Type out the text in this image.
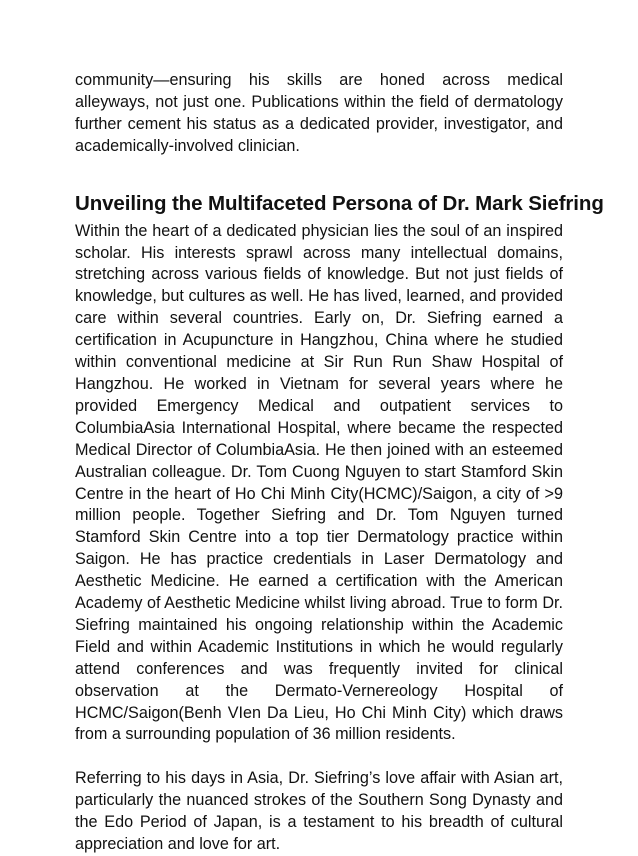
community—ensuring his skills are honed across medical alleyways, not just one. Publications within the field of dermatology further cement his status as a dedicated provider, investigator, and academically-involved clinician.

Unveiling the Multifaceted Persona of Dr. Mark Siefring

Within the heart of a dedicated physician lies the soul of an inspired scholar. His interests sprawl across many intellectual domains, stretching across various fields of knowledge. But not just fields of knowledge, but cultures as well. He has lived, learned, and provided care within several countries. Early on, Dr. Siefring earned a certification in Acupuncture in Hangzhou, China where he studied within conventional medicine at Sir Run Run Shaw Hospital of Hangzhou. He worked in Vietnam for several years where he provided Emergency Medical and outpatient services to ColumbiaAsia International Hospital, where became the respected Medical Director of ColumbiaAsia. He then joined with an esteemed Australian colleague. Dr. Tom Cuong Nguyen to start Stamford Skin Centre in the heart of Ho Chi Minh City(HCMC)/Saigon, a city of >9 million people. Together Siefring and Dr. Tom Nguyen turned Stamford Skin Centre into a top tier Dermatology practice within Saigon. He has practice credentials in Laser Dermatology and Aesthetic Medicine. He earned a certification with the American Academy of Aesthetic Medicine whilst living abroad. True to form Dr. Siefring maintained his ongoing relationship within the Academic Field and within Academic Institutions in which he would regularly attend conferences and was frequently invited for clinical observation at the Dermato-Vernereology Hospital of HCMC/Saigon(Benh VIen Da Lieu, Ho Chi Minh City) which draws from a surrounding population of 36 million residents.

Referring to his days in Asia, Dr. Siefring’s love affair with Asian art, particularly the nuanced strokes of the Southern Song Dynasty and the Edo Period of Japan, is a testament to his breadth of cultural appreciation and love for art.
